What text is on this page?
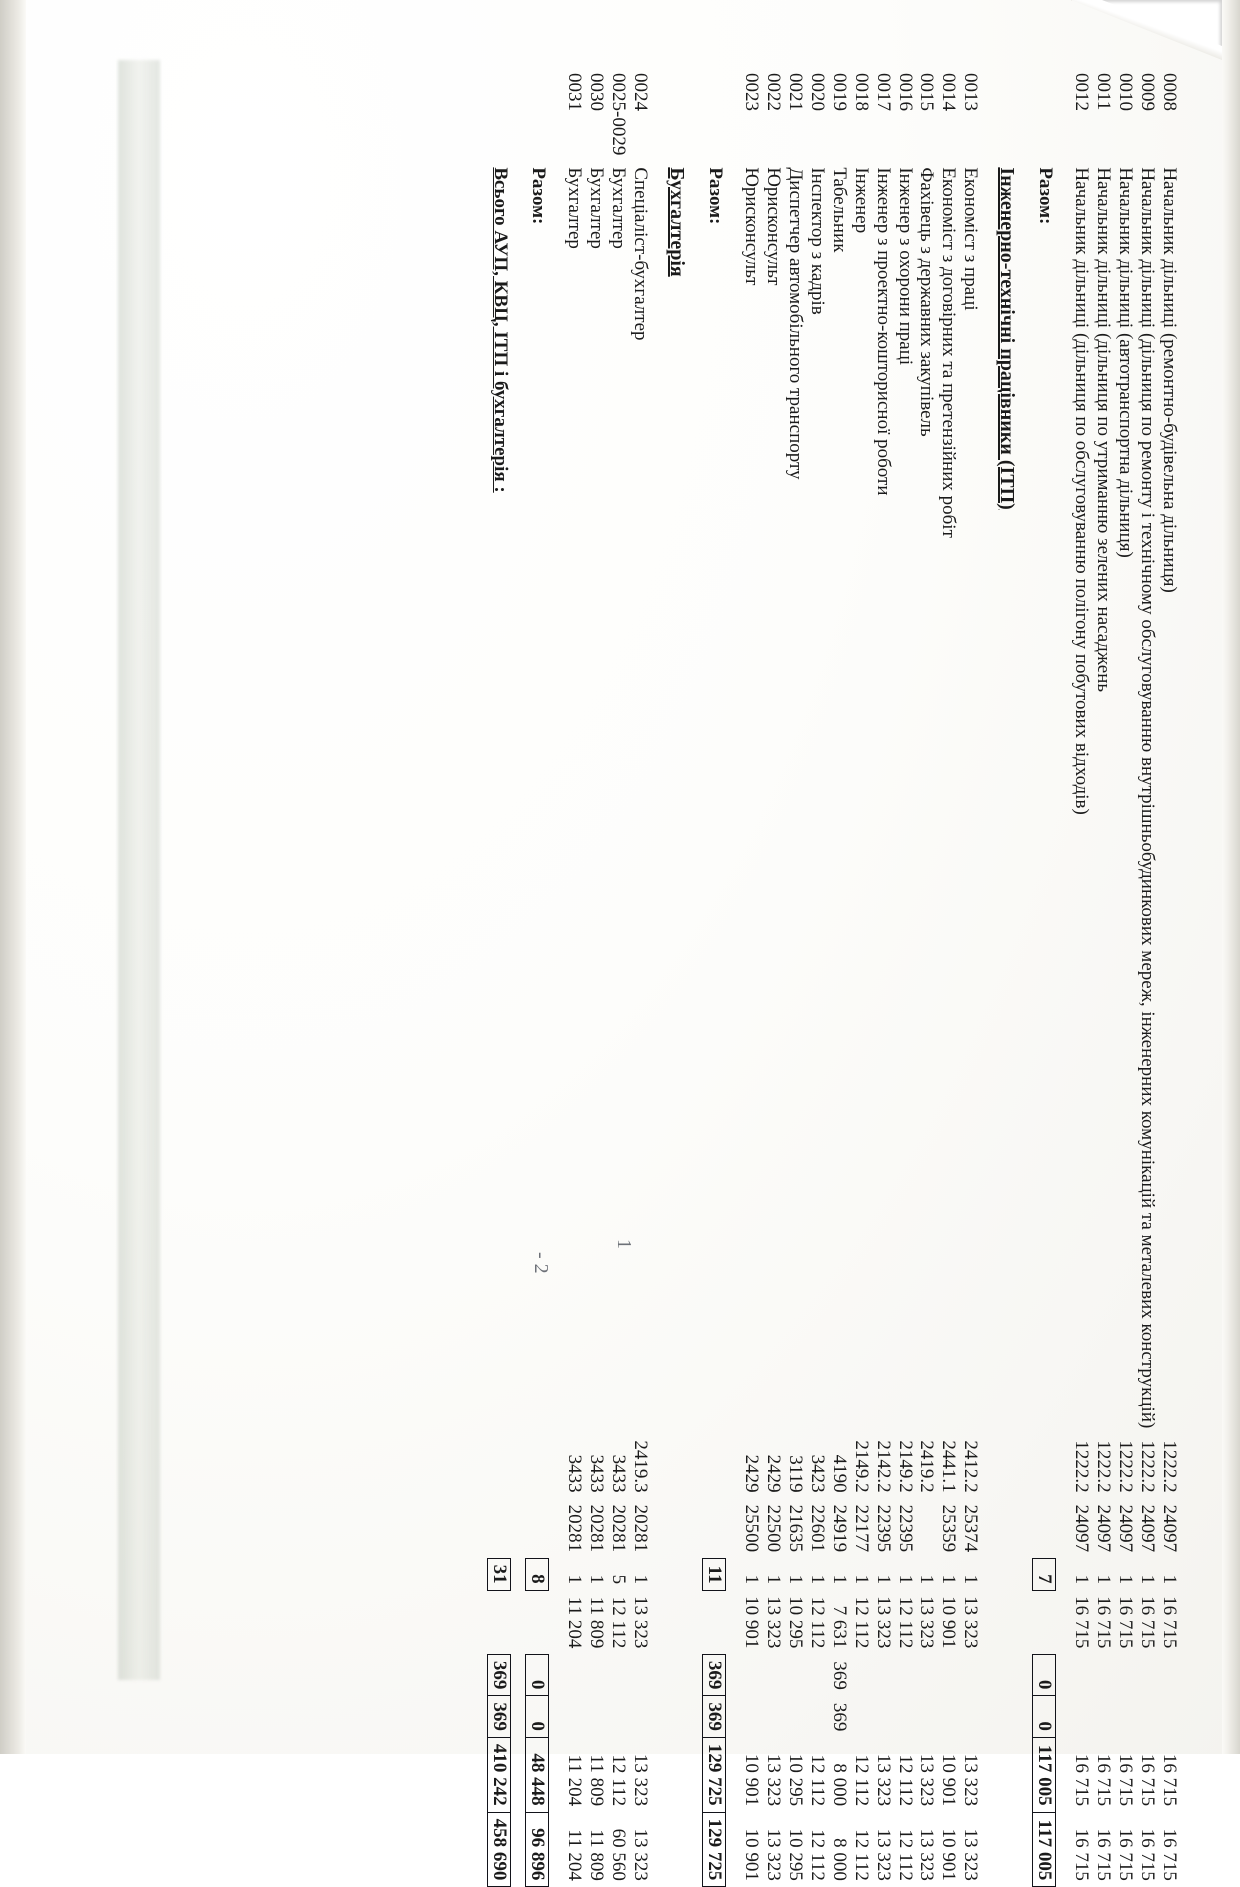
0008	Начальник дільниці (ремонтно-будівельна дільниця)	1222.2	24097	1	16 715			16 715	16 715
0009	Начальник дільниці (дільниця по ремонту і технічному обслуговуванню внутрішньобудинкових мереж, інженерних комунікацій та металевих конструкцій)	1222.2	24097	1	16 715			16 715	16 715
0010	Начальник дільниці (автотранспортна дільниця)	1222.2	24097	1	16 715			16 715	16 715
0011	Начальник дільниці (дільниця по утриманню зелених насаджень	1222.2	24097	1	16 715			16 715	16 715
0012	Начальник дільниці (дільниця по обслуговуванню полігону побутових відходів)	1222.2	24097	1	16 715			16 715	16 715

	Разом:			7		0	0	117 005	117 005

	Інженерно-технічні працівники (ІТП)								

0013	Економіст з праці	2412.2	25374	1	13 323			13 323	13 323
0014	Економіст з договірних та претензійних робіт	2441.1	25359	1	10 901			10 901	10 901
0015	Фахівець з державних закупівель	2419.2		1	13 323			13 323	13 323
0016	Інженер з охорони праці	2149.2	22395	1	12 112			12 112	12 112
0017	Інженер з проектно-кошторисної роботи	2142.2	22395	1	13 323			13 323	13 323
0018	Інженер	2149.2	22177	1	12 112			12 112	12 112
0019	Табельник	4190	24919	1	7 631	369	369	8 000	8 000
0020	Інспектор з кадрів	3423	22601	1	12 112			12 112	12 112
0021	Диспетчер автомобільного транспорту	3119	21635	1	10 295			10 295	10 295
0022	Юрисконсульт	2429	22500	1	13 323			13 323	13 323
0023	Юрисконсульт	2429	25500	1	10 901			10 901	10 901

	Разом:			11		369	369	129 725	129 725

	Бухгалтерія								

0024	Спеціаліст-бухгалтер	2419.3	20281	1	13 323			13 323	13 323
0025-0029	Бухгалтер	3433	20281	5	12 112			12 112	60 560
0030	Бухгалтер	3433	20281	1	11 809			11 809	11 809
0031	Бухгалтер	3433	20281	1	11 204			11 204	11 204

	Разом:			8		0	0	48 448	96 896

	Всього АУП, КВЦ, ІТП і бухгалтерія :			31		369	369	410 242	458 690
- 2
1
